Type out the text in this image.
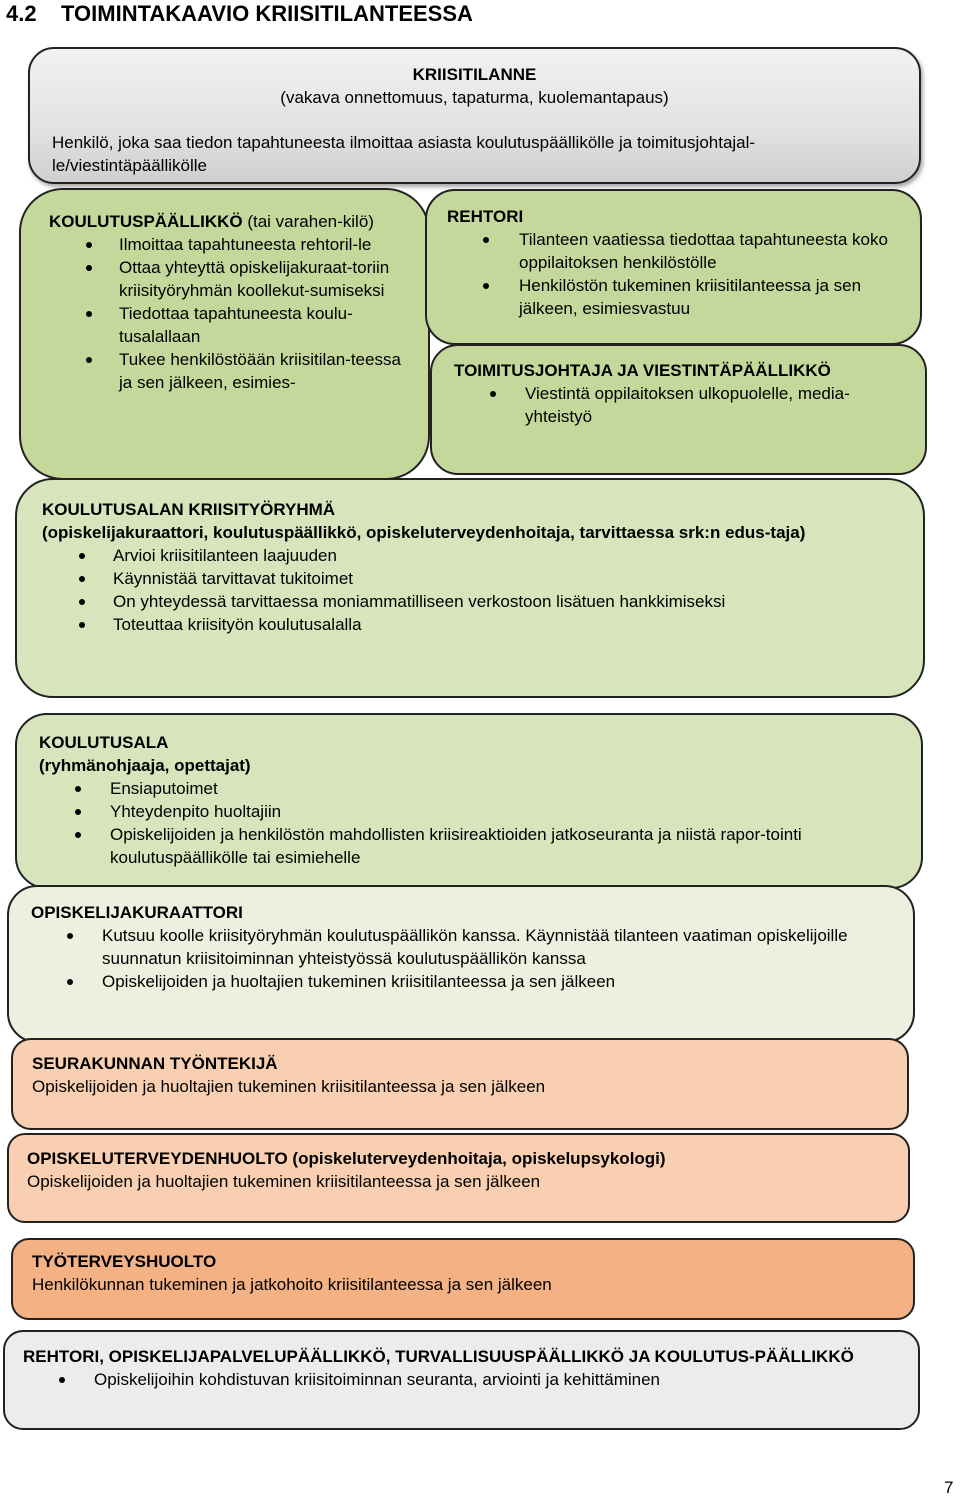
4.2 TOIMINTAKAAVIO KRIISITILANTEESSA

KRIISITILANNE

(vakava onnettomuus, tapaturma, kuolemantapaus)

Henkilö, joka saa tiedon tapahtuneesta ilmoittaa asiasta koulutuspäällikölle ja toimitusjohtajal-le/viestintäpäällikölle

KOULUTUSPÄÄLLIKKÖ (tai varahen-kilö)

Ilmoittaa tapahtuneesta rehtoril-le
Ottaa yhteyttä opiskelijakuraat-toriin kriisityöryhmän koollekut-sumiseksi
Tiedottaa tapahtuneesta koulu-tusalallaan
Tukee henkilöstöään kriisitilan-teessa ja sen jälkeen, esimies-

REHTORI

Tilanteen vaatiessa tiedottaa tapahtuneesta koko oppilaitoksen henkilöstölle
Henkilöstön tukeminen kriisitilanteessa ja sen jälkeen, esimiesvastuu

TOIMITUSJOHTAJA JA VIESTINTÄPÄÄLLIKKÖ

Viestintä oppilaitoksen ulkopuolelle, media-yhteistyö

KOULUTUSALAN KRIISITYÖRYHMÄ

(opiskelijakuraattori, koulutuspäällikkö, opiskeluterveydenhoitaja, tarvittaessa srk:n edus-taja)

Arvioi kriisitilanteen laajuuden
Käynnistää tarvittavat tukitoimet
On yhteydessä tarvittaessa moniammatilliseen verkostoon lisätuen hankkimiseksi
Toteuttaa kriisityön koulutusalalla

KOULUTUSALA

(ryhmänohjaaja, opettajat)

Ensiaputoimet
Yhteydenpito huoltajiin
Opiskelijoiden ja henkilöstön mahdollisten kriisireaktioiden jatkoseuranta ja niistä rapor-tointi koulutuspäällikölle tai esimiehelle

OPISKELIJAKURAATTORI

Kutsuu koolle kriisityöryhmän koulutuspäällikön kanssa. Käynnistää tilanteen vaatiman opiskelijoille suunnatun kriisitoiminnan yhteistyössä koulutuspäällikön kanssa
Opiskelijoiden ja huoltajien tukeminen kriisitilanteessa ja sen jälkeen

SEURAKUNNAN TYÖNTEKIJÄ

Opiskelijoiden ja huoltajien tukeminen kriisitilanteessa ja sen jälkeen

OPISKELUTERVEYDENHUOLTO (opiskeluterveydenhoitaja, opiskelupsykologi)

Opiskelijoiden ja huoltajien tukeminen kriisitilanteessa ja sen jälkeen

TYÖTERVEYSHUOLTO

Henkilökunnan tukeminen ja jatkohoito kriisitilanteessa ja sen jälkeen

REHTORI, OPISKELIJAPALVELUPÄÄLLIKKÖ, TURVALLISUUSPÄÄLLIKKÖ JA KOULUTUS-PÄÄLLIKKÖ

Opiskelijoihin kohdistuvan kriisitoiminnan seuranta, arviointi ja kehittäminen
7
